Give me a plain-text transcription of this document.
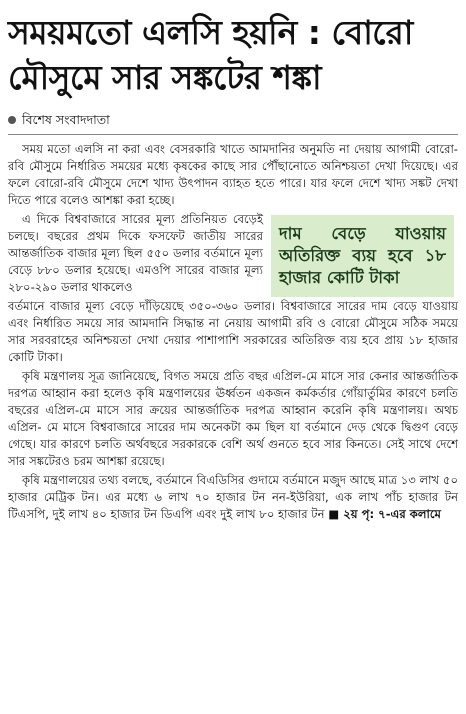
সময়মতো এলসি হয়নি : বোরো
মৌসুমে সার সঙ্কটের শঙ্কা
বিশেষ সংবাদদাতা

সময় মতো এলসি না করা এবং বেসরকারি খাতে আমদানির অনুমতি না দেয়ায় আগামী বোরো-রবি মৌসুমে নির্ধারিত সময়ের মধ্যে কৃষকের কাছে সার পৌঁছানোতে অনিশ্চয়তা দেখা দিয়েছে। এর ফলে বোরো-রবি মৌসুমে দেশে খাদ্য উৎপাদন ব্যাহত হতে পারে। যার ফলে দেশে খাদ্য সঙ্কট দেখা দিতে পারে বলেও আশঙ্কা করা হচ্ছে।

এ দিকে বিশ্ববাজারে সারের মূল্য প্রতিনিয়ত বেড়েই চলছে। বছরের প্রথম দিকে ফসফেট জাতীয় সারের আন্তর্জাতিক বাজার মূল্য ছিল ৫৫০ ডলার বর্তমানে মূল্য বেড়ে ৮৮০ ডলার হয়েছে। এমওপি সারের বাজার মূল্য ২৮০-২৯০ ডলার থাকলেও

দাম বেড়ে যাওয়ায় অতিরিক্ত ব্যয় হবে ১৮ হাজার কোটি টাকা

বর্তমানে বাজার মূল্য বেড়ে দাঁড়িয়েছে ৩৫০-৩৬০ ডলার। বিশ্ববাজারে সারের দাম বেড়ে যাওয়ায় এবং নির্ধারিত সময়ে সার আমদানি সিদ্ধান্ত না নেয়ায় আগামী রবি ও বোরো মৌসুমে সঠিক সময়ে সার সরবরাহের অনিশ্চয়তা দেখা দেয়ার পাশাপাশি সরকারের অতিরিক্ত ব্যয় হবে প্রায় ১৮ হাজার কোটি টাকা।

কৃষি মন্ত্রণালয় সূত্র জানিয়েছে, বিগত সময়ে প্রতি বছর এপ্রিল-মে মাসে সার কেনার আন্তর্জাতিক দরপত্র আহ্বান করা হলেও কৃষি মন্ত্রণালয়ের ঊর্ধ্বতন একজন কর্মকর্তার গোঁয়ার্তুমির কারণে চলতি বছরের এপ্রিল-মে মাসে সার ক্রয়ের আন্তর্জাতিক দরপত্র আহ্বান করেনি কৃষি মন্ত্রণালয়। অথচ এপ্রিল- মে মাসে বিশ্ববাজারে সারের দাম অনেকটা কম ছিল যা বর্তমানে দেড় থেকে দ্বিগুণ বেড়ে গেছে। যার কারণে চলতি অর্থবছরে সরকারকে বেশি অর্থ গুনতে হবে সার কিনতে। সেই সাথে দেশে সার সঙ্কটেরও চরম আশঙ্কা রয়েছে।

কৃষি মন্ত্রণালয়ের তথ্য বলছে, বর্তমানে বিএডিসির গুদামে বর্তমানে মজুদ আছে মাত্র ১৩ লাখ ৫০ হাজার মেট্রিক টন। এর মধ্যে ৬ লাখ ৭০ হাজার টন নন-ইউরিয়া, এক লাখ পাঁচ হাজার টন টিএসপি, দুই লাখ ৪০ হাজার টন ডিএপি এবং দুই লাখ ৮০ হাজার টন ■ ২য় পৃ: ৭-এর কলামে
